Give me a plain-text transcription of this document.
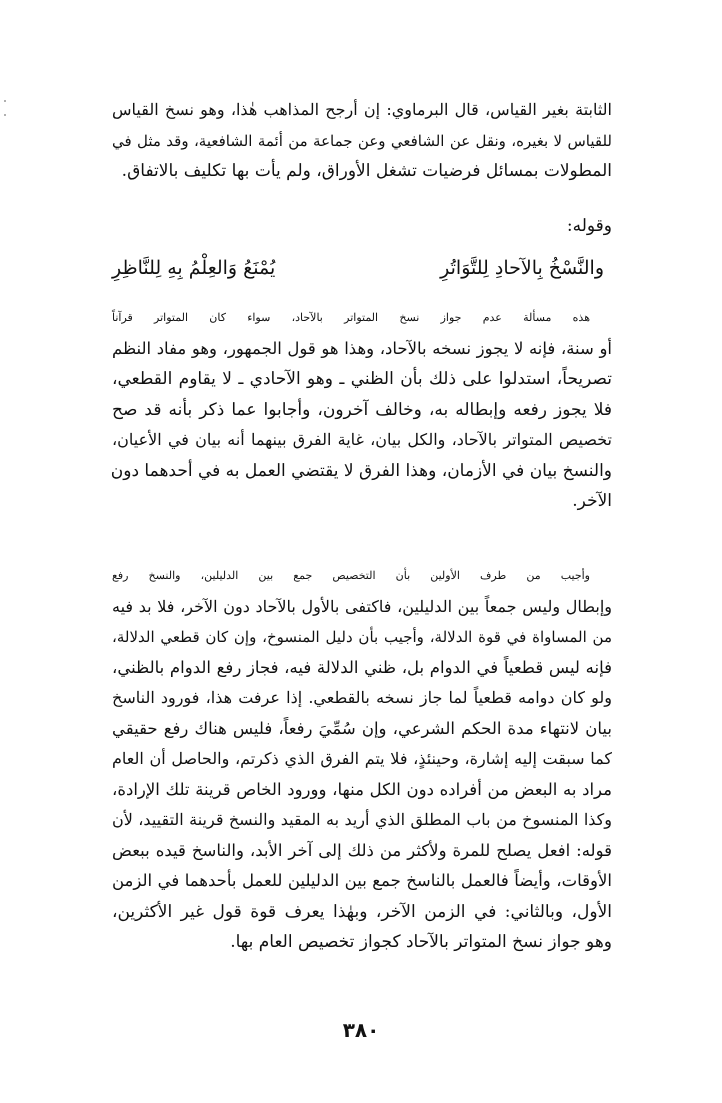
الثابتة بغير القياس، قال البرماوي: إن أرجح المذاهب هٰذا، وهو نسخ القياس
للقياس لا بغيره، ونقل عن الشافعي وعن جماعة من أئمة الشافعية، وقد مثل في
المطولات بمسائل فرضيات تشغل الأوراق، ولم يأت بها تكليف بالاتفاق.

وقوله:

والنَّسْخُ بِالآحادِ لِلتَّوَاتُرِ
يُمْنَعُ وَالعِلْمُ بِهِ لِلنَّاظِرِ

هذه مسألة عدم جواز نسخ المتواتر بالآحاد، سواء كان المتواتر قرآناً
أو سنة، فإنه لا يجوز نسخه بالآحاد، وهذا هو قول الجمهور، وهو مفاد النظم
تصريحاً، استدلوا على ذلك بأن الظني ـ وهو الآحادي ـ لا يقاوم القطعي،
فلا يجوز رفعه وإبطاله به، وخالف آخرون، وأجابوا عما ذكر بأنه قد صح
تخصيص المتواتر بالآحاد، والكل بيان، غاية الفرق بينهما أنه بيان في الأعيان،
والنسخ بيان في الأزمان، وهذا الفرق لا يقتضي العمل به في أحدهما دون
الآخر.

وأجيب من طرف الأولين بأن التخصيص جمع بين الدليلين، والنسخ رفع
وإبطال وليس جمعاً بين الدليلين، فاكتفى بالأول بالآحاد دون الآخر، فلا بد فيه
من المساواة في قوة الدلالة، وأجيب بأن دليل المنسوخ، وإن كان قطعي الدلالة،
فإنه ليس قطعياً في الدوام بل، ظني الدلالة فيه، فجاز رفع الدوام بالظني،
ولو كان دوامه قطعياً لما جاز نسخه بالقطعي. إذا عرفت هذا، فورود الناسخ
بيان لانتهاء مدة الحكم الشرعي، وإن سُمِّيَ رفعاً، فليس هناك رفع حقيقي
كما سبقت إليه إشارة، وحينئذٍ، فلا يتم الفرق الذي ذكرتم، والحاصل أن العام
مراد به البعض من أفراده دون الكل منها، وورود الخاص قرينة تلك الإرادة،
وكذا المنسوخ من باب المطلق الذي أريد به المقيد والنسخ قرينة التقييد، لأن
قوله: افعل يصلح للمرة ولأكثر من ذلك إلى آخر الأبد، والناسخ قيده ببعض
الأوقات، وأيضاً فالعمل بالناسخ جمع بين الدليلين للعمل بأحدهما في الزمن
الأول، وبالثاني: في الزمن الآخر، وبهٰذا يعرف قوة قول غير الأكثرين،
وهو جواز نسخ المتواتر بالآحاد كجواز تخصيص العام بها.

٣٨٠
